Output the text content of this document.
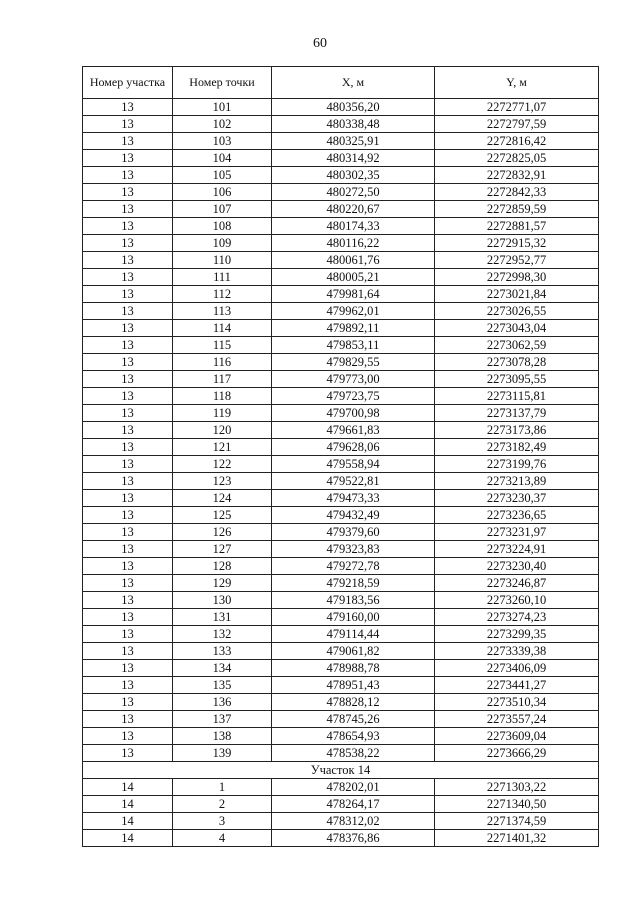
60
Номер участка	Номер точки	X, м	Y, м
13	101	480356,20	2272771,07
13	102	480338,48	2272797,59
13	103	480325,91	2272816,42
13	104	480314,92	2272825,05
13	105	480302,35	2272832,91
13	106	480272,50	2272842,33
13	107	480220,67	2272859,59
13	108	480174,33	2272881,57
13	109	480116,22	2272915,32
13	110	480061,76	2272952,77
13	111	480005,21	2272998,30
13	112	479981,64	2273021,84
13	113	479962,01	2273026,55
13	114	479892,11	2273043,04
13	115	479853,11	2273062,59
13	116	479829,55	2273078,28
13	117	479773,00	2273095,55
13	118	479723,75	2273115,81
13	119	479700,98	2273137,79
13	120	479661,83	2273173,86
13	121	479628,06	2273182,49
13	122	479558,94	2273199,76
13	123	479522,81	2273213,89
13	124	479473,33	2273230,37
13	125	479432,49	2273236,65
13	126	479379,60	2273231,97
13	127	479323,83	2273224,91
13	128	479272,78	2273230,40
13	129	479218,59	2273246,87
13	130	479183,56	2273260,10
13	131	479160,00	2273274,23
13	132	479114,44	2273299,35
13	133	479061,82	2273339,38
13	134	478988,78	2273406,09
13	135	478951,43	2273441,27
13	136	478828,12	2273510,34
13	137	478745,26	2273557,24
13	138	478654,93	2273609,04
13	139	478538,22	2273666,29
Участок 14			
14	1	478202,01	2271303,22
14	2	478264,17	2271340,50
14	3	478312,02	2271374,59
14	4	478376,86	2271401,32
